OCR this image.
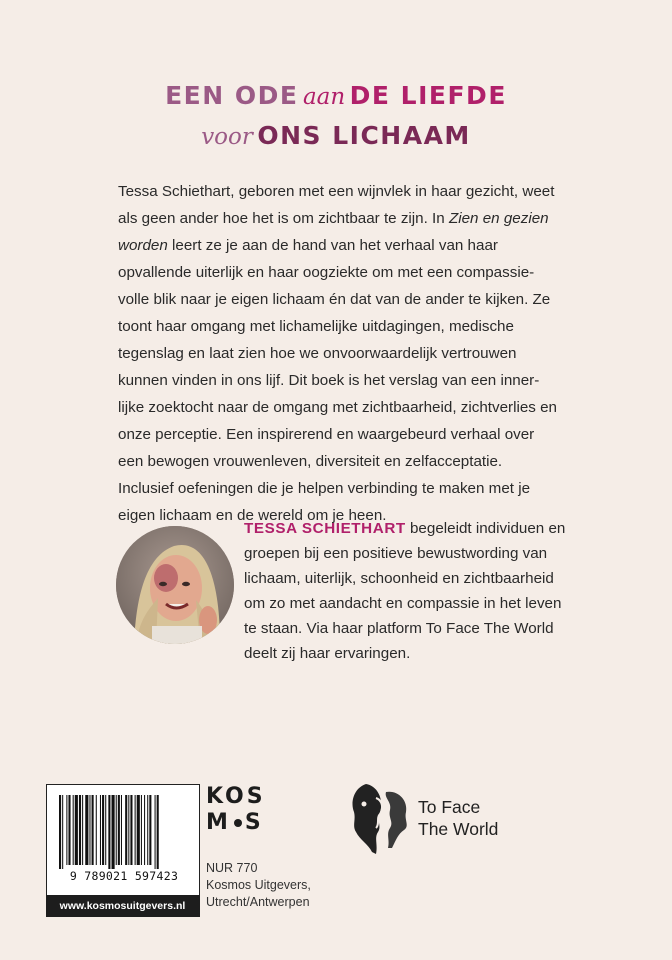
EEN ODE aan DE LIEFDE
voor ONS LICHAAM

Tessa Schiethart, geboren met een wijnvlek in haar gezicht, weet als geen ander hoe het is om zichtbaar te zijn. In Zien en gezien worden leert ze je aan de hand van het verhaal van haar opvallende uiterlijk en haar oogziekte om met een compassievolle blik naar je eigen lichaam én dat van de ander te kijken. Ze toont haar omgang met lichamelijke uitdagingen, medische tegenslag en laat zien hoe we onvoorwaardelijk vertrouwen kunnen vinden in ons lijf. Dit boek is het verslag van een innerlijke zoektocht naar de omgang met zichtbaarheid, zichtverlies en onze perceptie. Een inspirerend en waargebeurd verhaal over een bewogen vrouwenleven, diversiteit en zelfacceptatie. Inclusief oefeningen die je helpen verbinding te maken met je eigen lichaam en de wereld om je heen.

TESSA SCHIETHART begeleidt individuen en groepen bij een positieve bewustwording van lichaam, uiterlijk, schoonheid en zichtbaarheid om zo met aandacht en compassie in het leven te staan. Via haar platform To Face The World deelt zij haar ervaringen.

9 789021 597423
www.kosmosuitgevers.nl
KOS
M S
NUR 770
Kosmos Uitgevers,
Utrecht/Antwerpen
To Face
The World
